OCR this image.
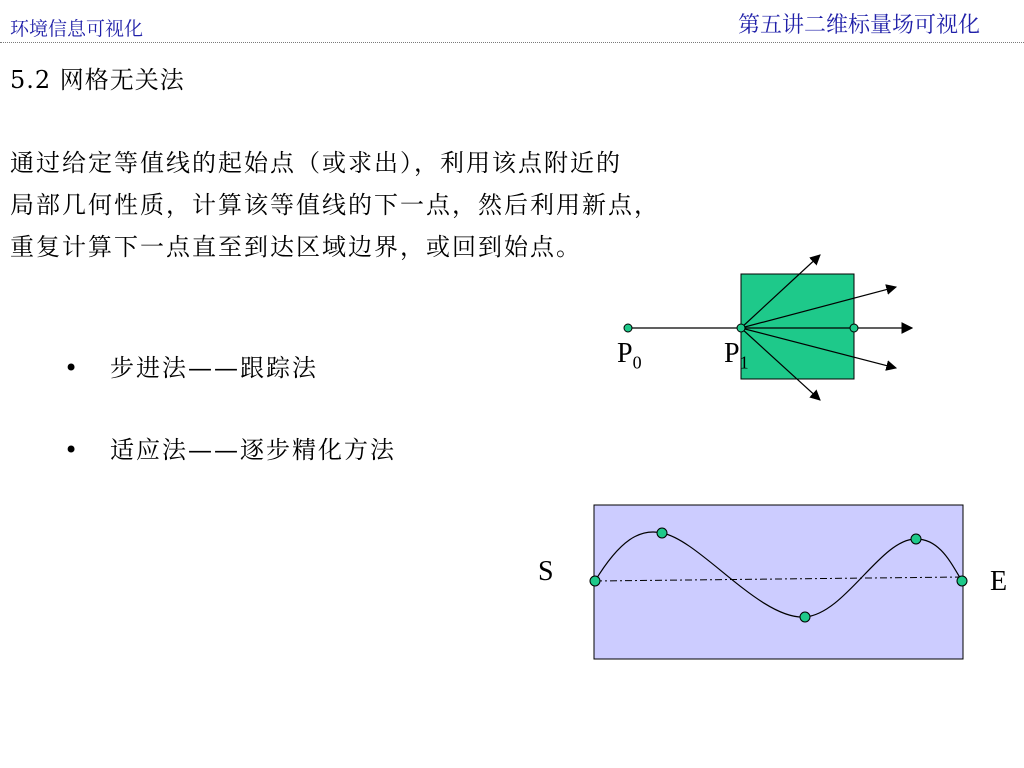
环境信息可视化	第五讲二维标量场可视化
5.2 网格无关法
通过给定等值线的起始点（或求出），利用该点附近的
局部几何性质，计算该等值线的下一点，然后利用新点，
重复计算下一点直至到达区域边界，或回到始点。
• 步进法——跟踪法
• 适应法——逐步精化方法
$P_0$	$P_1$
S	E
